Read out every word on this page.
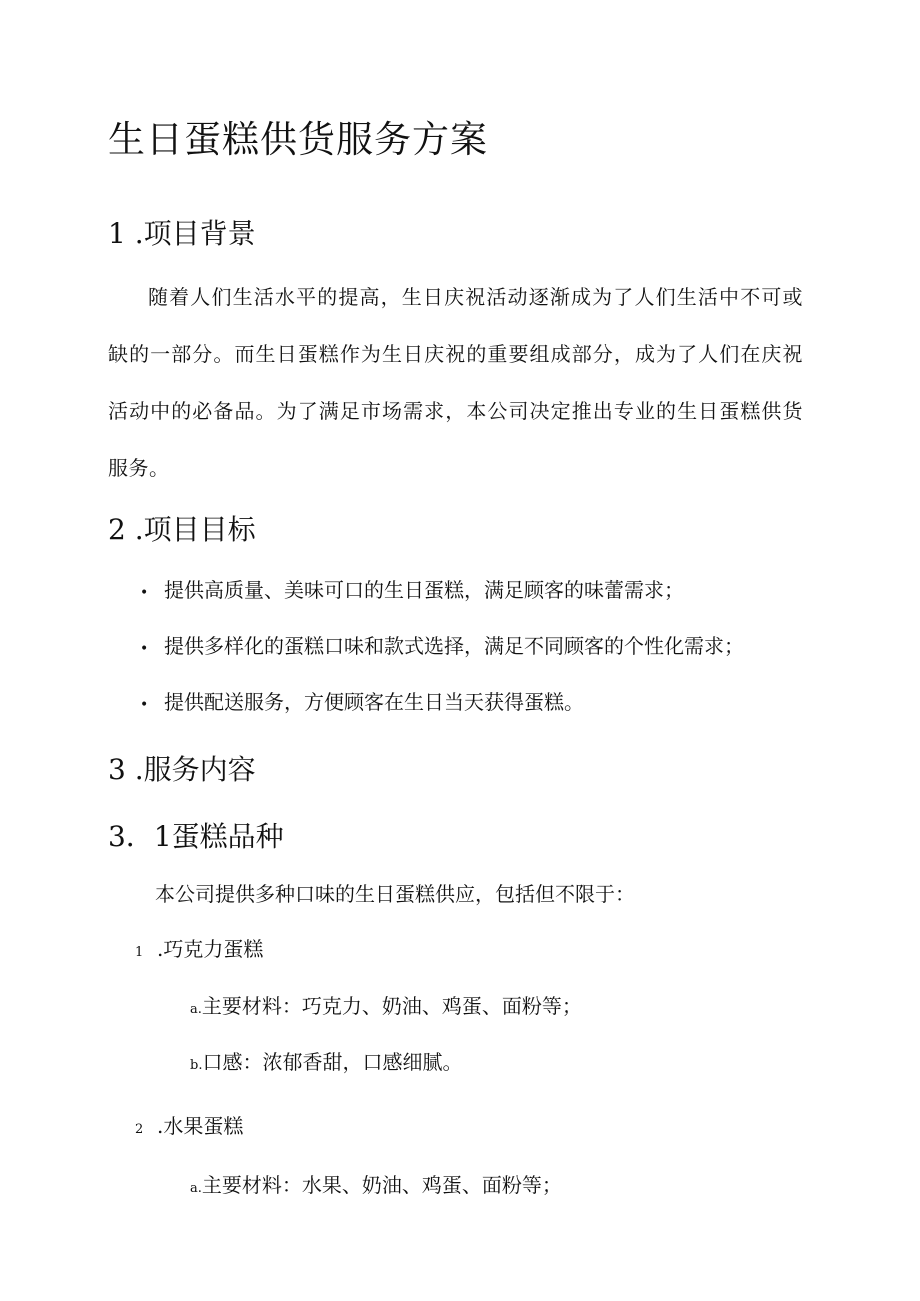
生日蛋糕供货服务方案
1 .项目背景

随着人们生活水平的提高，生日庆祝活动逐渐成为了人们生活中不可或缺的一部分。而生日蛋糕作为生日庆祝的重要组成部分，成为了人们在庆祝活动中的必备品。为了满足市场需求，本公司决定推出专业的生日蛋糕供货服务。

2 .项目目标

• 提供高质量、美味可口的生日蛋糕，满足顾客的味蕾需求；

• 提供多样化的蛋糕口味和款式选择，满足不同顾客的个性化需求；

• 提供配送服务，方便顾客在生日当天获得蛋糕。

3 .服务内容
3．1蛋糕品种

本公司提供多种口味的生日蛋糕供应，包括但不限于：

1 .巧克力蛋糕

a.主要材料：巧克力、奶油、鸡蛋、面粉等；

b.口感：浓郁香甜，口感细腻。

2 .水果蛋糕

a.主要材料：水果、奶油、鸡蛋、面粉等；
